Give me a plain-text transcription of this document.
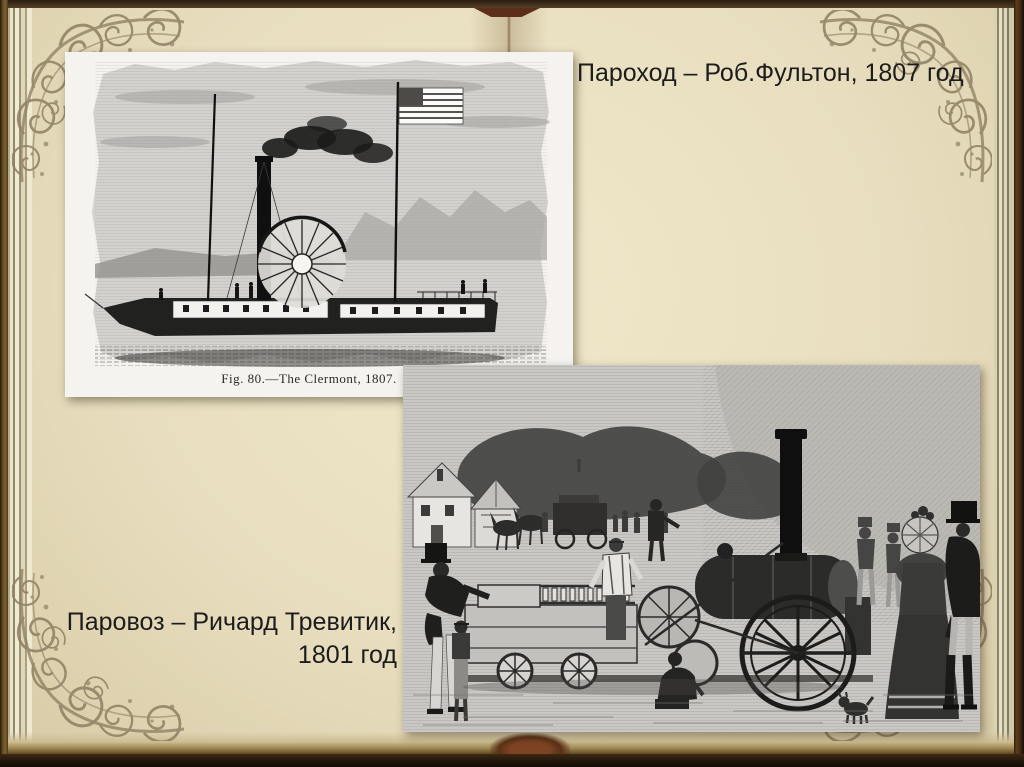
Fig. 80.—The Clermont, 1807.
Пароход – Роб.Фультон, 1807 год
Паровоз – Ричард Тревитик,
1801 год
